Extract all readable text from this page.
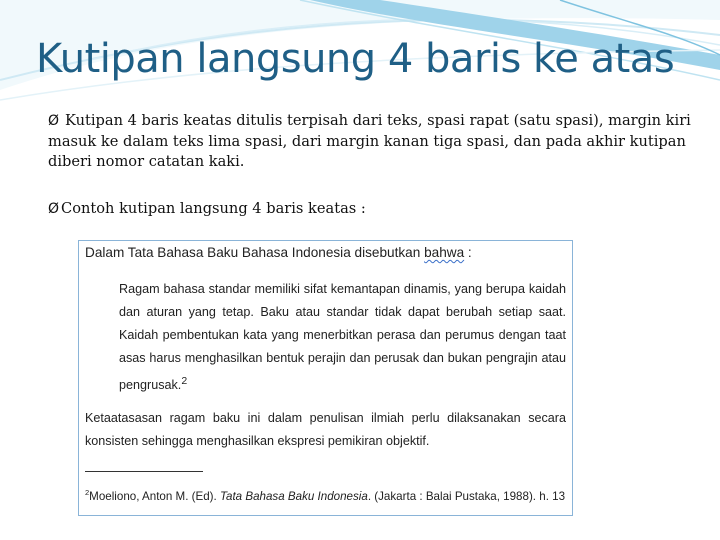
Kutipan langsung 4 baris ke atas
Ø Kutipan 4 baris keatas ditulis terpisah dari teks, spasi rapat (satu spasi), margin kiri masuk ke dalam teks lima spasi, dari margin kanan tiga spasi, dan pada akhir kutipan diberi nomor catatan kaki.
Ø Contoh kutipan langsung 4 baris keatas :
Dalam Tata Bahasa Baku Bahasa Indonesia disebutkan bahwa :
Ragam bahasa standar memiliki sifat kemantapan dinamis, yang berupa kaidah dan aturan yang tetap. Baku atau standar tidak dapat berubah setiap saat. Kaidah pembentukan kata yang menerbitkan perasa dan perumus dengan taat asas harus menghasilkan bentuk perajin dan perusak dan bukan pengrajin atau pengrusak.$^2$
Ketaatasasan ragam baku ini dalam penulisan ilmiah perlu dilaksanakan secara konsisten sehingga menghasilkan ekspresi pemikiran objektif.
$^2$Moeliono, Anton M. (Ed). Tata Bahasa Baku Indonesia. (Jakarta : Balai Pustaka, 1988). h. 13
